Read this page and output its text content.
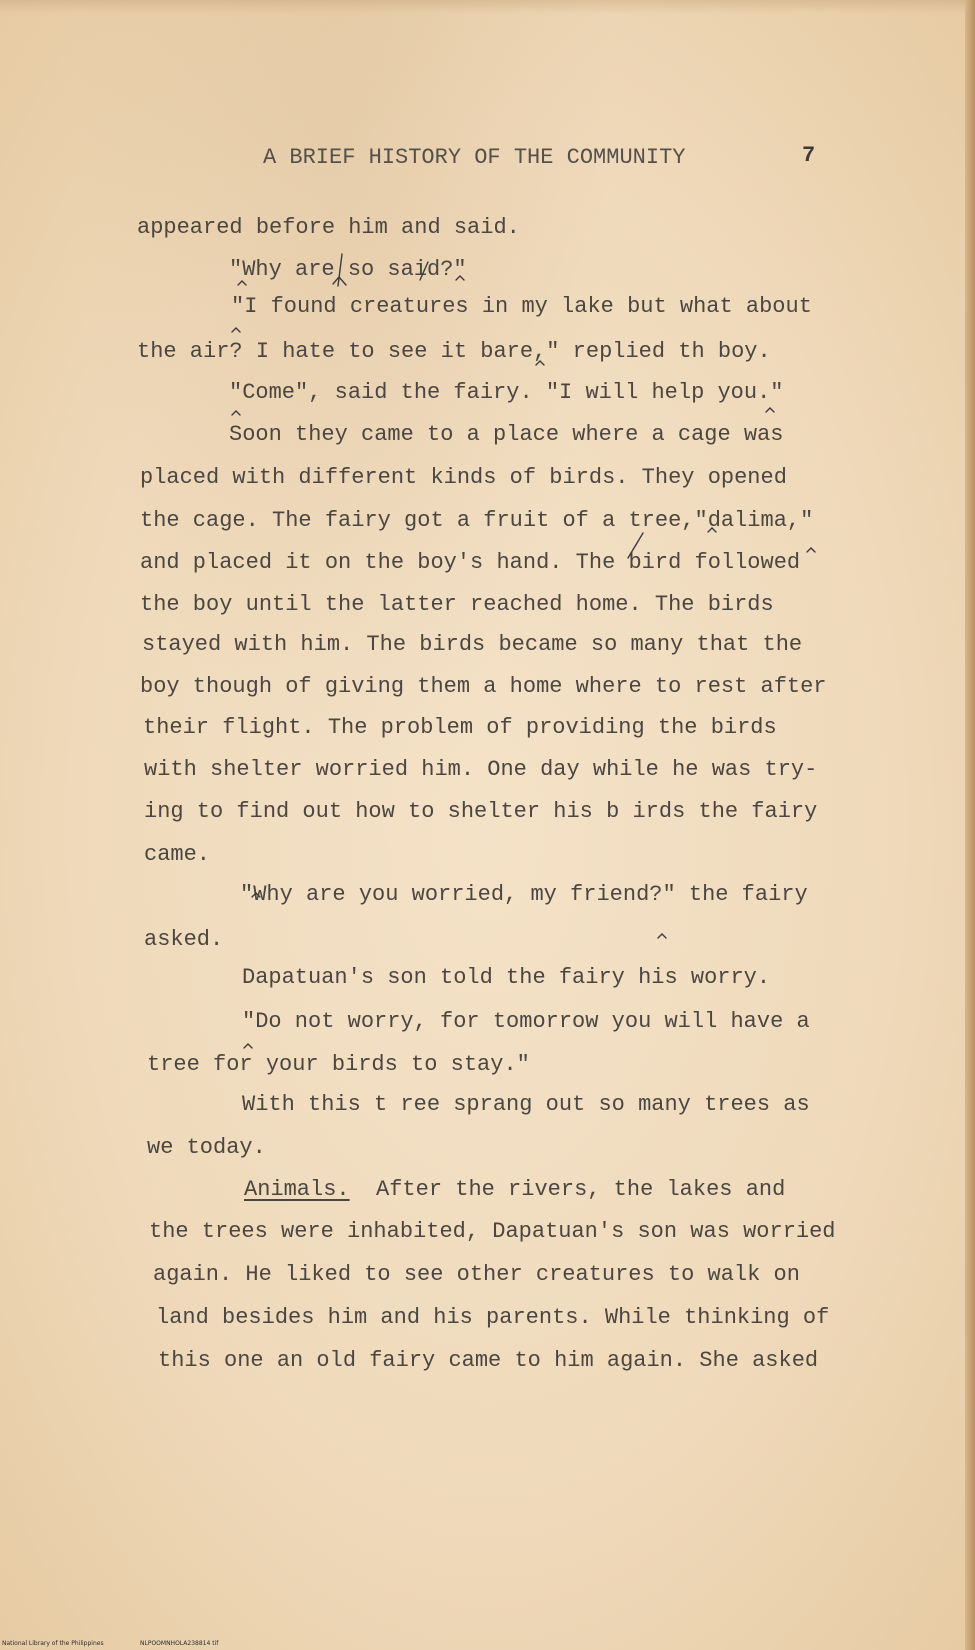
A BRIEF HISTORY OF THE COMMUNITY	7
appeared before him and said.
"Why are so said?"
"I found creatures in my lake but what about
the air? I hate to see it bare," replied th boy.
"Come", said the fairy. "I will help you."
Soon they came to a place where a cage was
placed with different kinds of birds. They opened
the cage. The fairy got a fruit of a tree,"dalima,"
and placed it on the boy's hand. The bird followed
the boy until the latter reached home. The birds
stayed with him. The birds became so many that the
boy though of giving them a home where to rest after
their flight. The problem of providing the birds
with shelter worried him. One day while he was try-
ing to find out how to shelter his b irds the fairy
came.
"Why are you worried, my friend?" the fairy
asked.
Dapatuan's son told the fairy his worry.
"Do not worry, for tomorrow you will have a
tree for your birds to stay."
With this t ree sprang out so many trees as
we today.
Animals. After the rivers, the lakes and
the trees were inhabited, Dapatuan's son was worried
again. He liked to see other creatures to walk on
land besides him and his parents. While thinking of
this one an old fairy came to him again. She asked
National Library of the Philippines	NLPOOMNHOLA238814 tif
